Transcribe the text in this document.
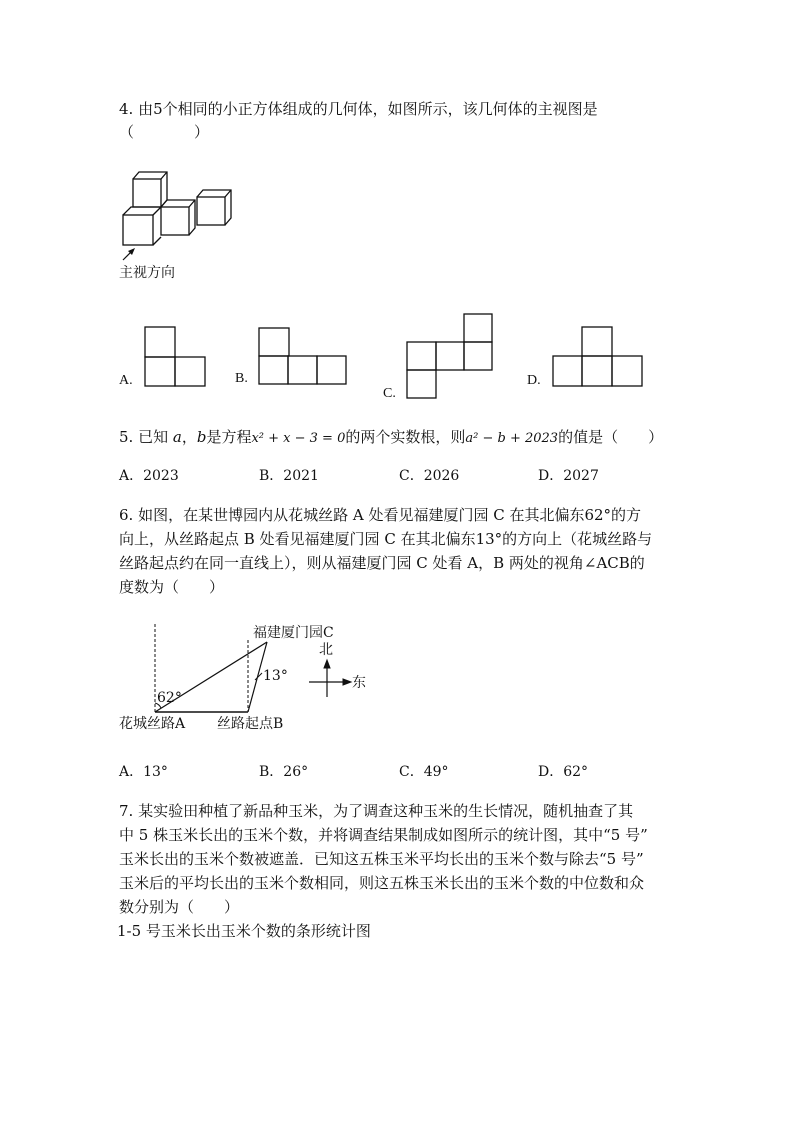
4. 由5个相同的小正方体组成的几何体，如图所示，该几何体的主视图是
（　　　　）
主视方向
A.	B.
C.
D.
5. 已知 a，b是方程x² + x − 3 = 0的两个实数根，则a² − b + 2023的值是（　　）
A．2023	B．2021	C．2026	D．2027
6. 如图，在某世博园内从花城丝路 A 处看见福建厦门园 C 在其北偏东62°的方
向上，从丝路起点 B 处看见福建厦门园 C 在其北偏东13°的方向上（花城丝路与
丝路起点约在同一直线上），则从福建厦门园 C 处看 A，B 两处的视角∠ACB的
度数为（　　）
福建厦门园C
北
13°	东
62°
花城丝路A 丝路起点B
A．13°	B．26°	C．49°	D．62°
7. 某实验田种植了新品种玉米，为了调查这种玉米的生长情况，随机抽查了其
中 5 株玉米长出的玉米个数，并将调查结果制成如图所示的统计图，其中“5 号”
玉米长出的玉米个数被遮盖．已知这五株玉米平均长出的玉米个数与除去“5 号”
玉米后的平均长出的玉米个数相同，则这五株玉米长出的玉米个数的中位数和众
数分别为（　　）
1-5 号玉米长出玉米个数的条形统计图
